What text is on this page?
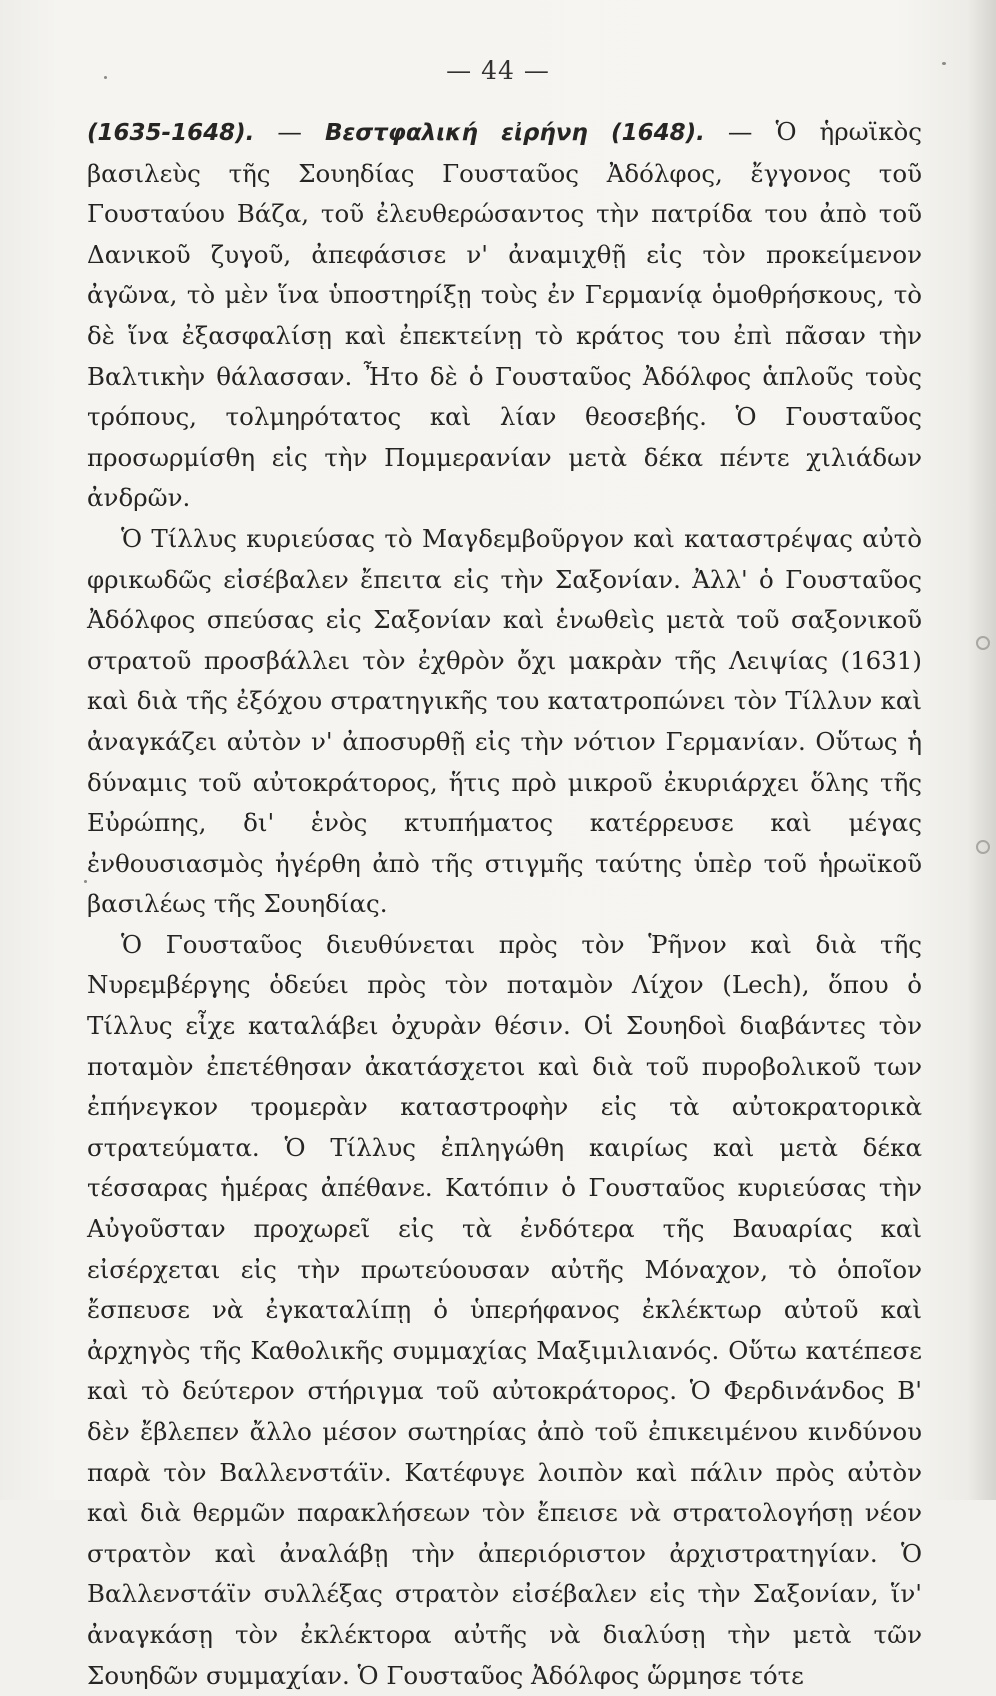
— 44 —

(1635-1648). — Βεστφαλική εἰρήνη (1648). — Ὁ ἡρωϊκὸς βασιλεὺς τῆς Σουηδίας Γουσταῦος Ἀδόλφος, ἔγγονος τοῦ Γουσταύου Βάζα, τοῦ ἐλευθερώσαντος τὴν πατρίδα του ἀπὸ τοῦ Δανικοῦ ζυγοῦ, ἀπεφάσισε ν' ἀναμιχθῇ εἰς τὸν προκείμενον ἀγῶνα, τὸ μὲν ἵνα ὑποστηρίξῃ τοὺς ἐν Γερμανίᾳ ὁμοθρήσκους, τὸ δὲ ἵνα ἐξασφαλίσῃ καὶ ἐπεκτείνῃ τὸ κράτος του ἐπὶ πᾶσαν τὴν Βαλτικὴν θάλασσαν. Ἦτο δὲ ὁ Γουσταῦος Ἀδόλφος ἁπλοῦς τοὺς τρόπους, τολμηρότατος καὶ λίαν θεοσεβής. Ὁ Γουσταῦος προσωρμίσθη εἰς τὴν Πομμερανίαν μετὰ δέκα πέντε χιλιάδων ἀνδρῶν.

Ὁ Τίλλυς κυριεύσας τὸ Μαγδεμβοῦργον καὶ καταστρέψας αὐτὸ φρικωδῶς εἰσέβαλεν ἔπειτα εἰς τὴν Σαξονίαν. Ἀλλ' ὁ Γουσταῦος Ἀδόλφος σπεύσας εἰς Σαξονίαν καὶ ἑνωθεὶς μετὰ τοῦ σαξονικοῦ στρατοῦ προσβάλλει τὸν ἐχθρὸν ὄχι μακρὰν τῆς Λειψίας (1631) καὶ διὰ τῆς ἐξόχου στρατηγικῆς του κατατροπώνει τὸν Τίλλυν καὶ ἀναγκάζει αὐτὸν ν' ἀποσυρθῇ εἰς τὴν νότιον Γερμανίαν. Οὕτως ἡ δύναμις τοῦ αὐτοκράτορος, ἥτις πρὸ μικροῦ ἐκυριάρχει ὅλης τῆς Εὐρώπης, δι' ἑνὸς κτυπήματος κατέρρευσε καὶ μέγας ἐνθουσιασμὸς ἠγέρθη ἀπὸ τῆς στιγμῆς ταύτης ὑπὲρ τοῦ ἡρωϊκοῦ βασιλέως τῆς Σουηδίας.

Ὁ Γουσταῦος διευθύνεται πρὸς τὸν Ῥῆνον καὶ διὰ τῆς Νυρεμβέργης ὁδεύει πρὸς τὸν ποταμὸν Λίχον (Lech), ὅπου ὁ Τίλλυς εἶχε καταλάβει ὀχυρὰν θέσιν. Οἱ Σουηδοὶ διαβάντες τὸν ποταμὸν ἐπετέθησαν ἀκατάσχετοι καὶ διὰ τοῦ πυροβολικοῦ των ἐπήνεγκον τρομερὰν καταστροφὴν εἰς τὰ αὐτοκρατορικὰ στρατεύματα. Ὁ Τίλλυς ἐπληγώθη καιρίως καὶ μετὰ δέκα τέσσαρας ἡμέρας ἀπέθανε. Κατόπιν ὁ Γουσταῦος κυριεύσας τὴν Αὐγοῦσταν προχωρεῖ εἰς τὰ ἐνδότερα τῆς Βαυαρίας καὶ εἰσέρχεται εἰς τὴν πρωτεύουσαν αὐτῆς Μόναχον, τὸ ὁποῖον ἔσπευσε νὰ ἐγκαταλίπῃ ὁ ὑπερήφανος ἐκλέκτωρ αὐτοῦ καὶ ἀρχηγὸς τῆς Καθολικῆς συμμαχίας Μαξιμιλιανός. Οὕτω κατέπεσε καὶ τὸ δεύτερον στήριγμα τοῦ αὐτοκράτορος. Ὁ Φερδινάνδος Β' δὲν ἔβλεπεν ἄλλο μέσον σωτηρίας ἀπὸ τοῦ ἐπικειμένου κινδύνου παρὰ τὸν Βαλλενστάϊν. Κατέφυγε λοιπὸν καὶ πάλιν πρὸς αὐτὸν καὶ διὰ θερμῶν παρακλήσεων τὸν ἔπεισε νὰ στρατολογήσῃ νέον στρατὸν καὶ ἀναλάβῃ τὴν ἀπεριόριστον ἀρχιστρατηγίαν. Ὁ Βαλλενστάϊν συλλέξας στρατὸν εἰσέβαλεν εἰς τὴν Σαξονίαν, ἵν' ἀναγκάσῃ τὸν ἐκλέκτορα αὐτῆς νὰ διαλύσῃ τὴν μετὰ τῶν Σουηδῶν συμμαχίαν. Ὁ Γουσταῦος Ἀδόλφος ὥρμησε τότε
